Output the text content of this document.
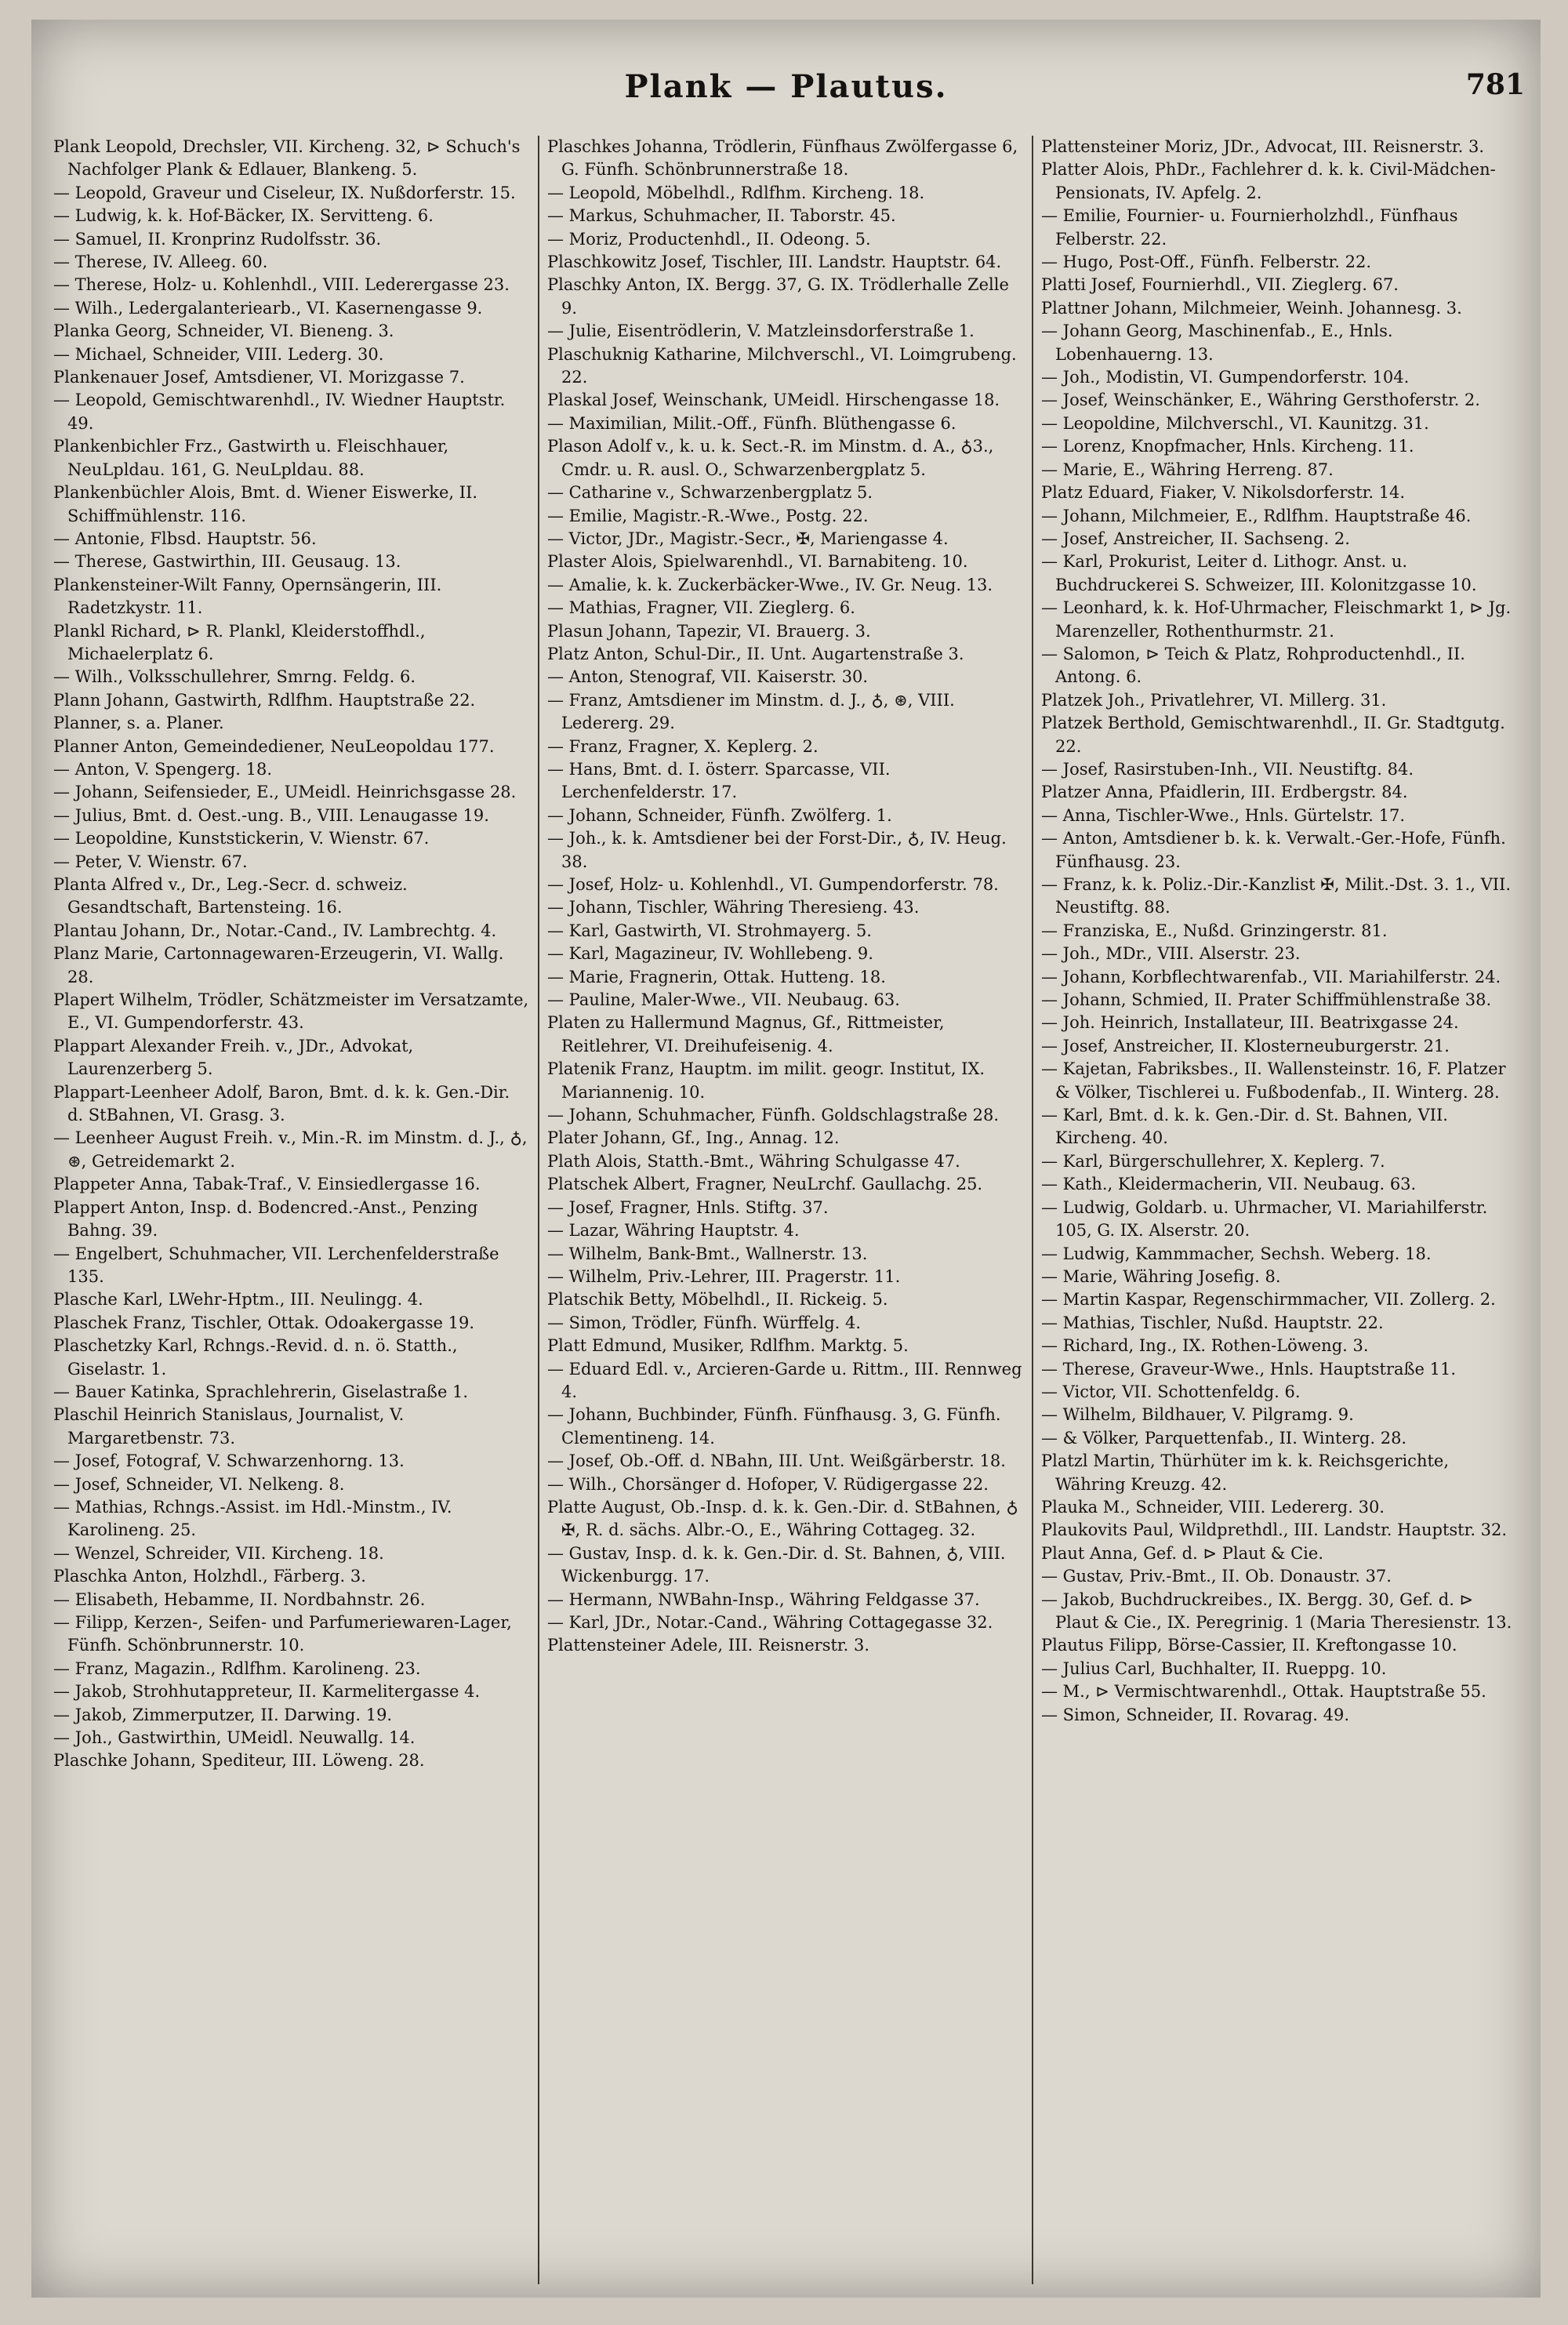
Plank — Plautus.	781

Plank Leopold, Drechsler, VII. Kircheng. 32, ⊳ Schuch's Nachfolger Plank & Edlauer, Blankeng. 5.

— Leopold, Graveur und Ciseleur, IX. Nußdorferstr. 15.

— Ludwig, k. k. Hof-Bäcker, IX. Servitteng. 6.

— Samuel, II. Kronprinz Rudolfsstr. 36.

— Therese, IV. Alleeg. 60.

— Therese, Holz- u. Kohlenhdl., VIII. Lederergasse 23.

— Wilh., Ledergalanteriearb., VI. Kasernengasse 9.

Planka Georg, Schneider, VI. Bieneng. 3.

— Michael, Schneider, VIII. Lederg. 30.

Plankenauer Josef, Amtsdiener, VI. Morizgasse 7.

— Leopold, Gemischtwarenhdl., IV. Wiedner Hauptstr. 49.

Plankenbichler Frz., Gastwirth u. Fleischhauer, NeuLpldau. 161, G. NeuLpldau. 88.

Plankenbüchler Alois, Bmt. d. Wiener Eiswerke, II. Schiffmühlenstr. 116.

— Antonie, Flbsd. Hauptstr. 56.

— Therese, Gastwirthin, III. Geusaug. 13.

Plankensteiner-Wilt Fanny, Opernsängerin, III. Radetzkystr. 11.

Plankl Richard, ⊳ R. Plankl, Kleiderstoffhdl., Michaelerplatz 6.

— Wilh., Volksschullehrer, Smrng. Feldg. 6.

Plann Johann, Gastwirth, Rdlfhm. Hauptstraße 22.

Planner, s. a. Planer.

Planner Anton, Gemeindediener, NeuLeopoldau 177.

— Anton, V. Spengerg. 18.

— Johann, Seifensieder, E., UMeidl. Heinrichsgasse 28.

— Julius, Bmt. d. Oest.-ung. B., VIII. Lenaugasse 19.

— Leopoldine, Kunststickerin, V. Wienstr. 67.

— Peter, V. Wienstr. 67.

Planta Alfred v., Dr., Leg.-Secr. d. schweiz. Gesandtschaft, Bartensteing. 16.

Plantau Johann, Dr., Notar.-Cand., IV. Lambrechtg. 4.

Planz Marie, Cartonnagewaren-Erzeugerin, VI. Wallg. 28.

Plapert Wilhelm, Trödler, Schätzmeister im Versatzamte, E., VI. Gumpendorferstr. 43.

Plappart Alexander Freih. v., JDr., Advokat, Laurenzerberg 5.

Plappart-Leenheer Adolf, Baron, Bmt. d. k. k. Gen.-Dir. d. StBahnen, VI. Grasg. 3.

— Leenheer August Freih. v., Min.-R. im Minstm. d. J., ♁, ⊛, Getreidemarkt 2.

Plappeter Anna, Tabak-Traf., V. Einsiedlergasse 16.

Plappert Anton, Insp. d. Bodencred.-Anst., Penzing Bahng. 39.

— Engelbert, Schuhmacher, VII. Lerchenfelderstraße 135.

Plasche Karl, LWehr-Hptm., III. Neulingg. 4.

Plaschek Franz, Tischler, Ottak. Odoakergasse 19.

Plaschetzky Karl, Rchngs.-Revid. d. n. ö. Statth., Giselastr. 1.

— Bauer Katinka, Sprachlehrerin, Giselastraße 1.

Plaschil Heinrich Stanislaus, Journalist, V. Margaretbenstr. 73.

— Josef, Fotograf, V. Schwarzenhorng. 13.

— Josef, Schneider, VI. Nelkeng. 8.

— Mathias, Rchngs.-Assist. im Hdl.-Minstm., IV. Karolineng. 25.

— Wenzel, Schreider, VII. Kircheng. 18.

Plaschka Anton, Holzhdl., Färberg. 3.

— Elisabeth, Hebamme, II. Nordbahnstr. 26.

— Filipp, Kerzen-, Seifen- und Parfumeriewaren-Lager, Fünfh. Schönbrunnerstr. 10.

— Franz, Magazin., Rdlfhm. Karolineng. 23.

— Jakob, Strohhutappreteur, II. Karmelitergasse 4.

— Jakob, Zimmerputzer, II. Darwing. 19.

— Joh., Gastwirthin, UMeidl. Neuwallg. 14.

Plaschke Johann, Spediteur, III. Löweng. 28.

Plaschkes Johanna, Trödlerin, Fünfhaus Zwölfergasse 6, G. Fünfh. Schönbrunnerstraße 18.

— Leopold, Möbelhdl., Rdlfhm. Kircheng. 18.

— Markus, Schuhmacher, II. Taborstr. 45.

— Moriz, Productenhdl., II. Odeong. 5.

Plaschkowitz Josef, Tischler, III. Landstr. Hauptstr. 64.

Plaschky Anton, IX. Bergg. 37, G. IX. Trödlerhalle Zelle 9.

— Julie, Eisentrödlerin, V. Matzleinsdorferstraße 1.

Plaschuknig Katharine, Milchverschl., VI. Loimgrubeng. 22.

Plaskal Josef, Weinschank, UMeidl. Hirschengasse 18.

— Maximilian, Milit.-Off., Fünfh. Blüthengasse 6.

Plason Adolf v., k. u. k. Sect.-R. im Minstm. d. A., ♁3., Cmdr. u. R. ausl. O., Schwarzenbergplatz 5.

— Catharine v., Schwarzenbergplatz 5.

— Emilie, Magistr.-R.-Wwe., Postg. 22.

— Victor, JDr., Magistr.-Secr., ✠, Mariengasse 4.

Plaster Alois, Spielwarenhdl., VI. Barnabiteng. 10.

— Amalie, k. k. Zuckerbäcker-Wwe., IV. Gr. Neug. 13.

— Mathias, Fragner, VII. Zieglerg. 6.

Plasun Johann, Tapezir, VI. Brauerg. 3.

Platz Anton, Schul-Dir., II. Unt. Augartenstraße 3.

— Anton, Stenograf, VII. Kaiserstr. 30.

— Franz, Amtsdiener im Minstm. d. J., ♁, ⊛, VIII. Ledererg. 29.

— Franz, Fragner, X. Keplerg. 2.

— Hans, Bmt. d. I. österr. Sparcasse, VII. Lerchenfelderstr. 17.

— Johann, Schneider, Fünfh. Zwölferg. 1.

— Joh., k. k. Amtsdiener bei der Forst-Dir., ♁, IV. Heug. 38.

— Josef, Holz- u. Kohlenhdl., VI. Gumpendorferstr. 78.

— Johann, Tischler, Währing Theresieng. 43.

— Karl, Gastwirth, VI. Strohmayerg. 5.

— Karl, Magazineur, IV. Wohllebeng. 9.

— Marie, Fragnerin, Ottak. Hutteng. 18.

— Pauline, Maler-Wwe., VII. Neubaug. 63.

Platen zu Hallermund Magnus, Gf., Rittmeister, Reitlehrer, VI. Dreihufeisenig. 4.

Platenik Franz, Hauptm. im milit. geogr. Institut, IX. Mariannenig. 10.

— Johann, Schuhmacher, Fünfh. Goldschlagstraße 28.

Plater Johann, Gf., Ing., Annag. 12.

Plath Alois, Statth.-Bmt., Währing Schulgasse 47.

Platschek Albert, Fragner, NeuLrchf. Gaullachg. 25.

— Josef, Fragner, Hnls. Stiftg. 37.

— Lazar, Währing Hauptstr. 4.

— Wilhelm, Bank-Bmt., Wallnerstr. 13.

— Wilhelm, Priv.-Lehrer, III. Pragerstr. 11.

Platschik Betty, Möbelhdl., II. Rickeig. 5.

— Simon, Trödler, Fünfh. Würffelg. 4.

Platt Edmund, Musiker, Rdlfhm. Marktg. 5.

— Eduard Edl. v., Arcieren-Garde u. Rittm., III. Rennweg 4.

— Johann, Buchbinder, Fünfh. Fünfhausg. 3, G. Fünfh. Clementineng. 14.

— Josef, Ob.-Off. d. NBahn, III. Unt. Weißgärberstr. 18.

— Wilh., Chorsänger d. Hofoper, V. Rüdigergasse 22.

Platte August, Ob.-Insp. d. k. k. Gen.-Dir. d. StBahnen, ♁ ✠, R. d. sächs. Albr.-O., E., Währing Cottageg. 32.

— Gustav, Insp. d. k. k. Gen.-Dir. d. St. Bahnen, ♁, VIII. Wickenburgg. 17.

— Hermann, NWBahn-Insp., Währing Feldgasse 37.

— Karl, JDr., Notar.-Cand., Währing Cottagegasse 32.

Plattensteiner Adele, III. Reisnerstr. 3.

Plattensteiner Moriz, JDr., Advocat, III. Reisnerstr. 3.

Platter Alois, PhDr., Fachlehrer d. k. k. Civil-Mädchen-Pensionats, IV. Apfelg. 2.

— Emilie, Fournier- u. Fournierholzhdl., Fünfhaus Felberstr. 22.

— Hugo, Post-Off., Fünfh. Felberstr. 22.

Platti Josef, Fournierhdl., VII. Zieglerg. 67.

Plattner Johann, Milchmeier, Weinh. Johannesg. 3.

— Johann Georg, Maschinenfab., E., Hnls. Lobenhauerng. 13.

— Joh., Modistin, VI. Gumpendorferstr. 104.

— Josef, Weinschänker, E., Währing Gersthoferstr. 2.

— Leopoldine, Milchverschl., VI. Kaunitzg. 31.

— Lorenz, Knopfmacher, Hnls. Kircheng. 11.

— Marie, E., Währing Herreng. 87.

Platz Eduard, Fiaker, V. Nikolsdorferstr. 14.

— Johann, Milchmeier, E., Rdlfhm. Hauptstraße 46.

— Josef, Anstreicher, II. Sachseng. 2.

— Karl, Prokurist, Leiter d. Lithogr. Anst. u. Buchdruckerei S. Schweizer, III. Kolonitzgasse 10.

— Leonhard, k. k. Hof-Uhrmacher, Fleischmarkt 1, ⊳ Jg. Marenzeller, Rothenthurmstr. 21.

— Salomon, ⊳ Teich & Platz, Rohproductenhdl., II. Antong. 6.

Platzek Joh., Privatlehrer, VI. Millerg. 31.

Platzek Berthold, Gemischtwarenhdl., II. Gr. Stadtgutg. 22.

— Josef, Rasirstuben-Inh., VII. Neustiftg. 84.

Platzer Anna, Pfaidlerin, III. Erdbergstr. 84.

— Anna, Tischler-Wwe., Hnls. Gürtelstr. 17.

— Anton, Amtsdiener b. k. k. Verwalt.-Ger.-Hofe, Fünfh. Fünfhausg. 23.

— Franz, k. k. Poliz.-Dir.-Kanzlist ✠, Milit.-Dst. 3. 1., VII. Neustiftg. 88.

— Franziska, E., Nußd. Grinzingerstr. 81.

— Joh., MDr., VIII. Alserstr. 23.

— Johann, Korbflechtwarenfab., VII. Mariahilferstr. 24.

— Johann, Schmied, II. Prater Schiffmühlenstraße 38.

— Joh. Heinrich, Installateur, III. Beatrixgasse 24.

— Josef, Anstreicher, II. Klosterneuburgerstr. 21.

— Kajetan, Fabriksbes., II. Wallensteinstr. 16, F. Platzer & Völker, Tischlerei u. Fußbodenfab., II. Winterg. 28.

— Karl, Bmt. d. k. k. Gen.-Dir. d. St. Bahnen, VII. Kircheng. 40.

— Karl, Bürgerschullehrer, X. Keplerg. 7.

— Kath., Kleidermacherin, VII. Neubaug. 63.

— Ludwig, Goldarb. u. Uhrmacher, VI. Mariahilferstr. 105, G. IX. Alserstr. 20.

— Ludwig, Kammmacher, Sechsh. Weberg. 18.

— Marie, Währing Josefig. 8.

— Martin Kaspar, Regenschirmmacher, VII. Zollerg. 2.

— Mathias, Tischler, Nußd. Hauptstr. 22.

— Richard, Ing., IX. Rothen-Löweng. 3.

— Therese, Graveur-Wwe., Hnls. Hauptstraße 11.

— Victor, VII. Schottenfeldg. 6.

— Wilhelm, Bildhauer, V. Pilgramg. 9.

— & Völker, Parquettenfab., II. Winterg. 28.

Platzl Martin, Thürhüter im k. k. Reichsgerichte, Währing Kreuzg. 42.

Plauka M., Schneider, VIII. Ledererg. 30.

Plaukovits Paul, Wildprethdl., III. Landstr. Hauptstr. 32.

Plaut Anna, Gef. d. ⊳ Plaut & Cie.

— Gustav, Priv.-Bmt., II. Ob. Donaustr. 37.

— Jakob, Buchdruckreibes., IX. Bergg. 30, Gef. d. ⊳ Plaut & Cie., IX. Peregrinig. 1 (Maria Theresienstr. 13.

Plautus Filipp, Börse-Cassier, II. Kreftongasse 10.

— Julius Carl, Buchhalter, II. Rueppg. 10.

— M., ⊳ Vermischtwarenhdl., Ottak. Hauptstraße 55.

— Simon, Schneider, II. Rovarag. 49.
